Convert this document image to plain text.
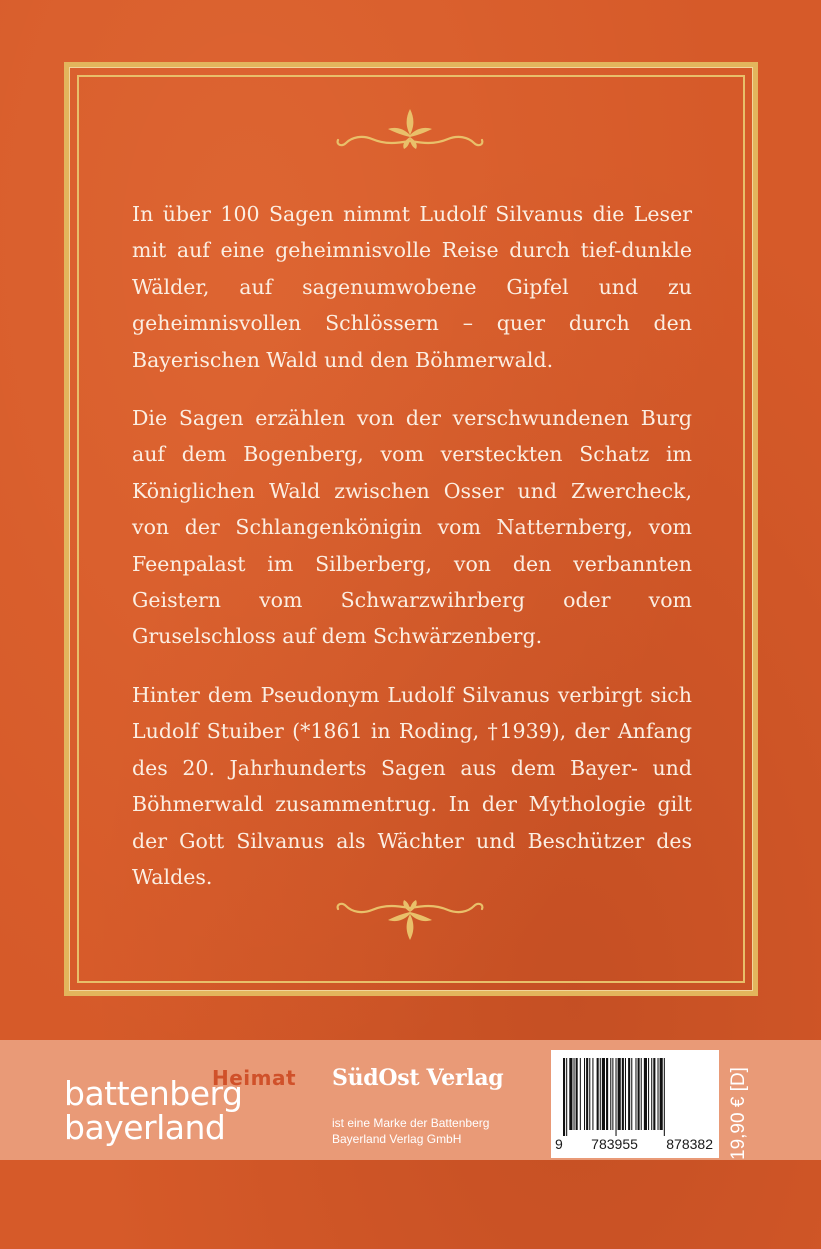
In über 100 Sagen nimmt Ludolf Silvanus die Leser mit auf eine geheimnisvolle Reise durch tief-dunkle Wälder, auf sagenumwobene Gipfel und zu geheimnisvollen Schlössern – quer durch den Bayerischen Wald und den Böhmerwald.

Die Sagen erzählen von der verschwundenen Burg auf dem Bogenberg, vom versteckten Schatz im Königlichen Wald zwischen Osser und Zwercheck, von der Schlangenkönigin vom Natternberg, vom Feenpalast im Silberberg, von den verbannten Geistern vom Schwarzwihrberg oder vom Gruselschloss auf dem Schwärzenberg.

Hinter dem Pseudonym Ludolf Silvanus verbirgt sich Ludolf Stuiber (*1861 in Roding, †1939), der Anfang des 20. Jahrhunderts Sagen aus dem Bayer- und Böhmerwald zusammentrug. In der Mythologie gilt der Gott Silvanus als Wächter und Beschützer des Waldes.

Heimat
battenberg
bayerland
SüdOst Verlag
ist eine Marke der Battenberg
Bayerland Verlag GmbH	9 783955 878382 19,90 € [D]
